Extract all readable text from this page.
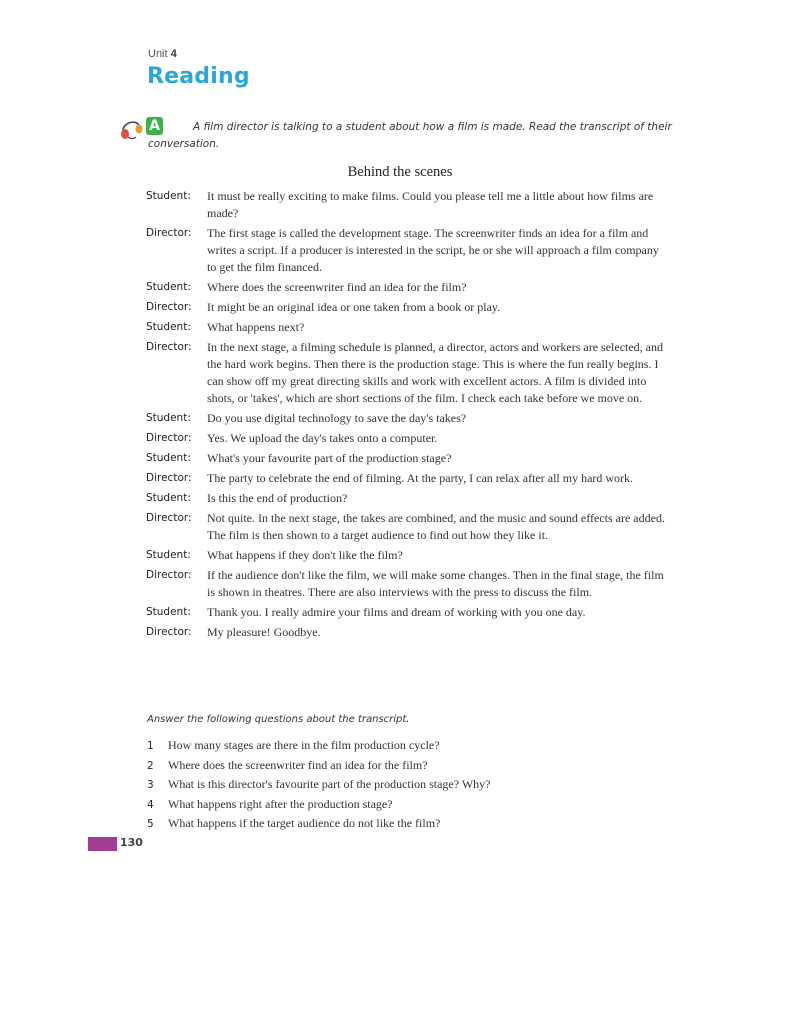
Unit 4
Reading
A	A film director is talking to a student about how a film is made. Read the transcript of their conversation.
Behind the scenes
Student:	It must be really exciting to make films. Could you please tell me a little about how films are made?
Director:	The first stage is called the development stage. The screenwriter finds an idea for a film and writes a script. If a producer is interested in the script, he or she will approach a film company to get the film financed.
Student:	Where does the screenwriter find an idea for the film?
Director:	It might be an original idea or one taken from a book or play.
Student:	What happens next?
Director:	In the next stage, a filming schedule is planned, a director, actors and workers are selected, and the hard work begins. Then there is the production stage. This is where the fun really begins. I can show off my great directing skills and work with excellent actors. A film is divided into shots, or 'takes', which are short sections of the film. I check each take before we move on.
Student:	Do you use digital technology to save the day's takes?
Director:	Yes. We upload the day's takes onto a computer.
Student:	What's your favourite part of the production stage?
Director:	The party to celebrate the end of filming. At the party, I can relax after all my hard work.
Student:	Is this the end of production?
Director:	Not quite. In the next stage, the takes are combined, and the music and sound effects are added. The film is then shown to a target audience to find out how they like it.
Student:	What happens if they don't like the film?
Director:	If the audience don't like the film, we will make some changes. Then in the final stage, the film is shown in theatres. There are also interviews with the press to discuss the film.
Student:	Thank you. I really admire your films and dream of working with you one day.
Director:	My pleasure! Goodbye.
Answer the following questions about the transcript.
1	How many stages are there in the film production cycle?
2	Where does the screenwriter find an idea for the film?
3	What is this director's favourite part of the production stage? Why?
4	What happens right after the production stage?
5	What happens if the target audience do not like the film?
130
